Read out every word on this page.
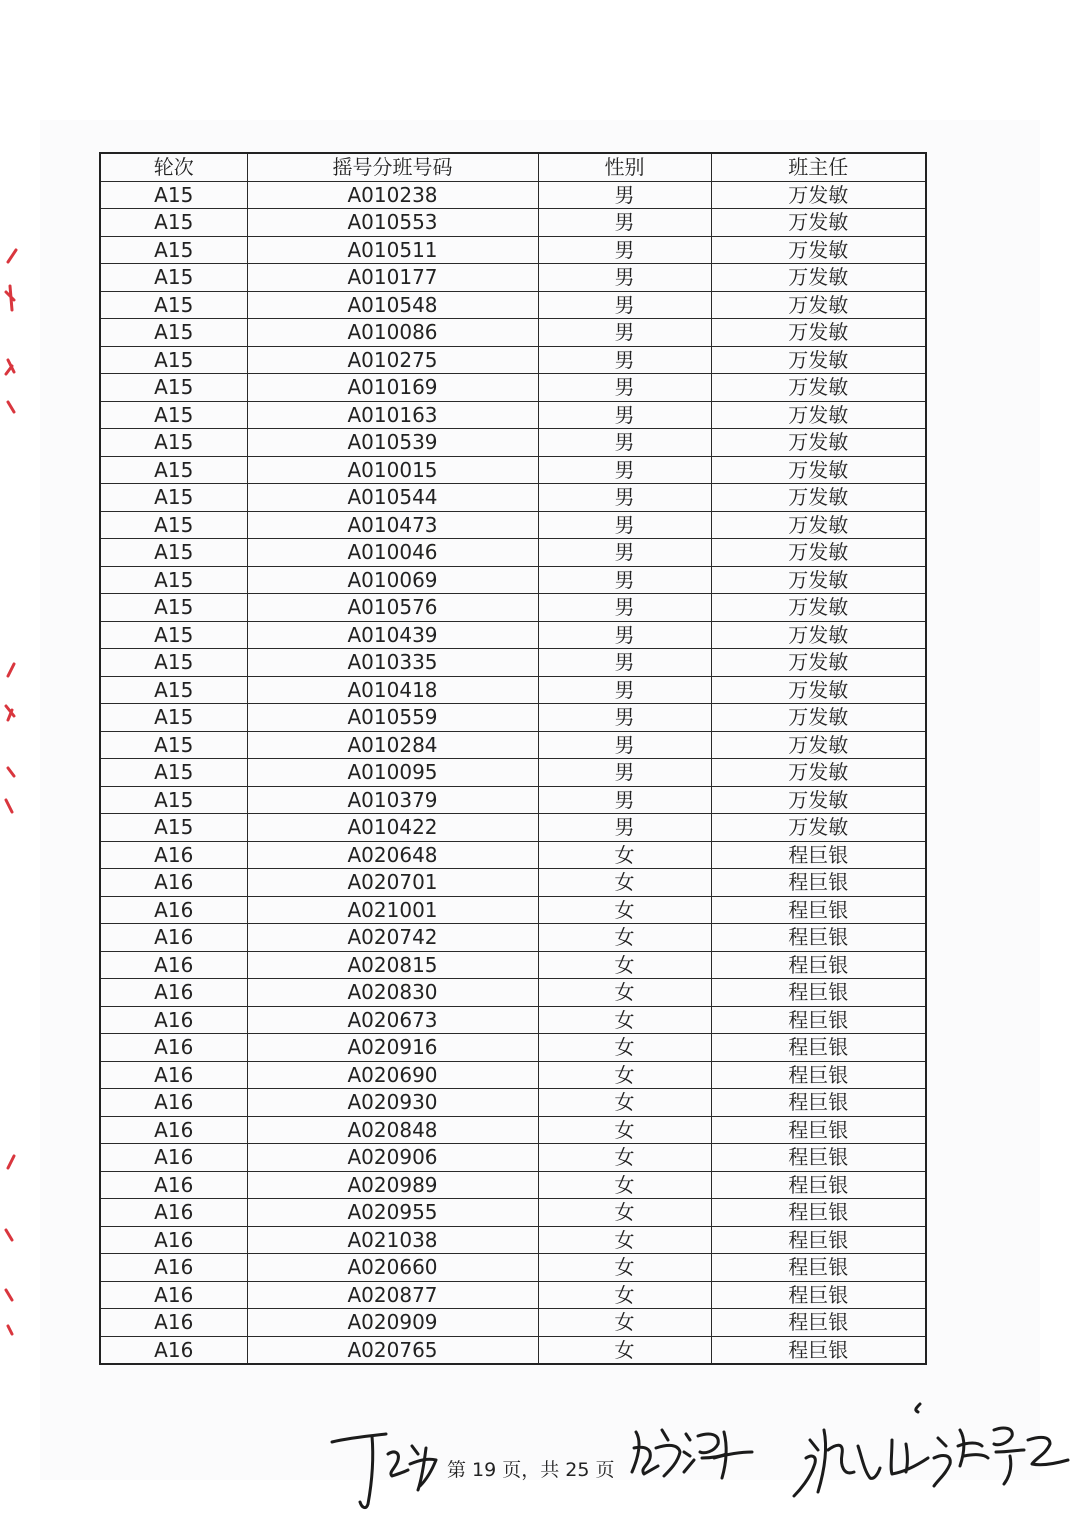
轮次	摇号分班号码	性别	班主任
A15	A010238	男	万发敏
A15	A010553	男	万发敏
A15	A010511	男	万发敏
A15	A010177	男	万发敏
A15	A010548	男	万发敏
A15	A010086	男	万发敏
A15	A010275	男	万发敏
A15	A010169	男	万发敏
A15	A010163	男	万发敏
A15	A010539	男	万发敏
A15	A010015	男	万发敏
A15	A010544	男	万发敏
A15	A010473	男	万发敏
A15	A010046	男	万发敏
A15	A010069	男	万发敏
A15	A010576	男	万发敏
A15	A010439	男	万发敏
A15	A010335	男	万发敏
A15	A010418	男	万发敏
A15	A010559	男	万发敏
A15	A010284	男	万发敏
A15	A010095	男	万发敏
A15	A010379	男	万发敏
A15	A010422	男	万发敏
A16	A020648	女	程巨银
A16	A020701	女	程巨银
A16	A021001	女	程巨银
A16	A020742	女	程巨银
A16	A020815	女	程巨银
A16	A020830	女	程巨银
A16	A020673	女	程巨银
A16	A020916	女	程巨银
A16	A020690	女	程巨银
A16	A020930	女	程巨银
A16	A020848	女	程巨银
A16	A020906	女	程巨银
A16	A020989	女	程巨银
A16	A020955	女	程巨银
A16	A021038	女	程巨银
A16	A020660	女	程巨银
A16	A020877	女	程巨银
A16	A020909	女	程巨银
A16	A020765	女	程巨银
第 19 页，共 25 页
